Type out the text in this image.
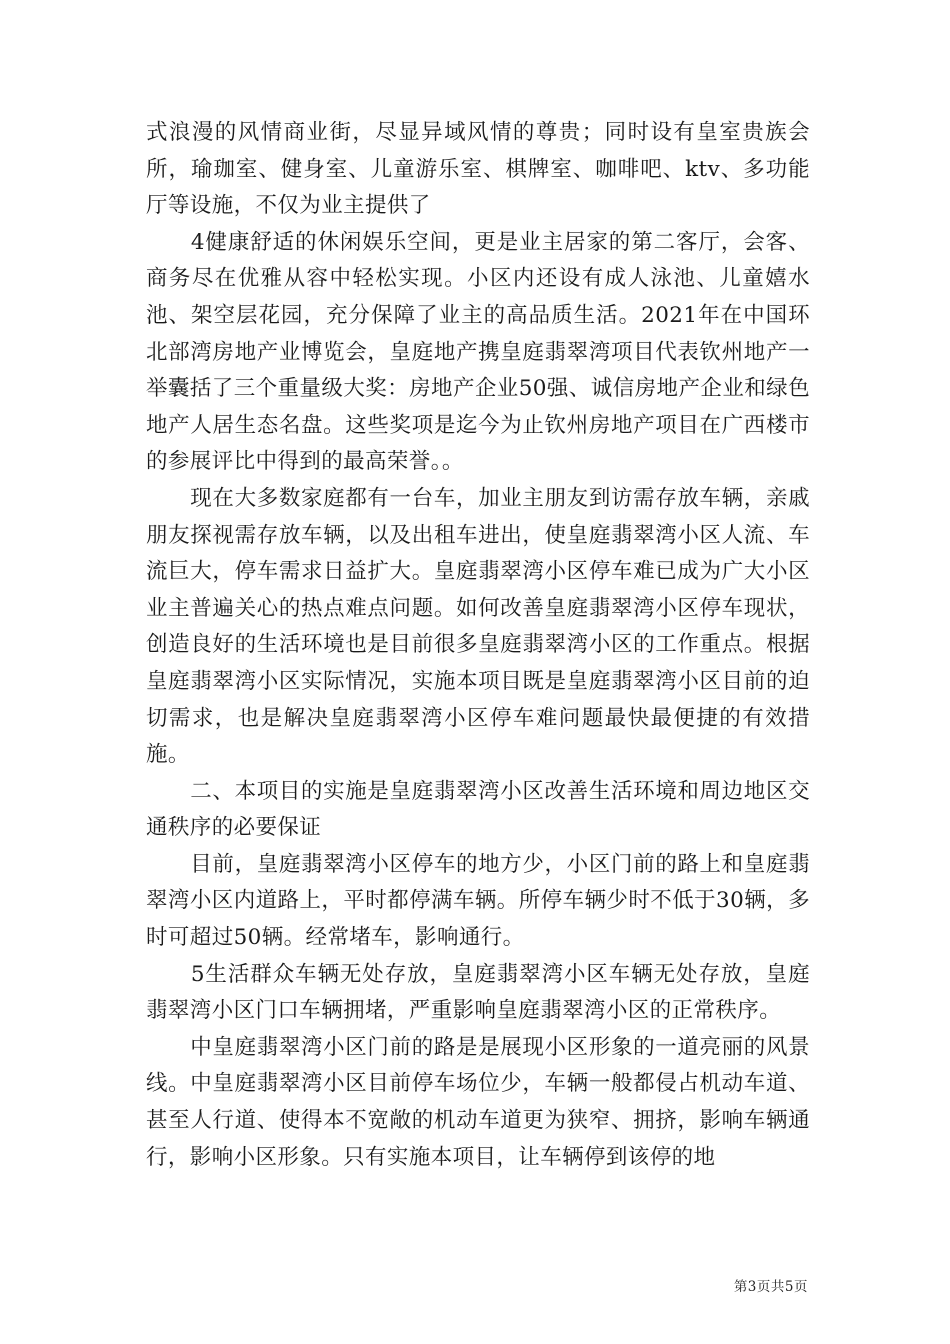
式浪漫的风情商业街，尽显异域风情的尊贵；同时设有皇室贵族会所，瑜珈室、健身室、儿童游乐室、棋牌室、咖啡吧、ktv、多功能厅等设施，不仅为业主提供了

　　4健康舒适的休闲娱乐空间，更是业主居家的第二客厅，会客、商务尽在优雅从容中轻松实现。小区内还设有成人泳池、儿童嬉水池、架空层花园，充分保障了业主的高品质生活。2021年在中国环北部湾房地产业博览会，皇庭地产携皇庭翡翠湾项目代表钦州地产一举囊括了三个重量级大奖：房地产企业50强、诚信房地产企业和绿色地产人居生态名盘。这些奖项是迄今为止钦州房地产项目在广西楼市的参展评比中得到的最高荣誉。。

　　现在大多数家庭都有一台车，加业主朋友到访需存放车辆，亲戚朋友探视需存放车辆，以及出租车进出，使皇庭翡翠湾小区人流、车流巨大，停车需求日益扩大。皇庭翡翠湾小区停车难已成为广大小区业主普遍关心的热点难点问题。如何改善皇庭翡翠湾小区停车现状，创造良好的生活环境也是目前很多皇庭翡翠湾小区的工作重点。根据皇庭翡翠湾小区实际情况，实施本项目既是皇庭翡翠湾小区目前的迫切需求，也是解决皇庭翡翠湾小区停车难问题最快最便捷的有效措施。

　　二、本项目的实施是皇庭翡翠湾小区改善生活环境和周边地区交通秩序的必要保证

　　目前，皇庭翡翠湾小区停车的地方少，小区门前的路上和皇庭翡翠湾小区内道路上，平时都停满车辆。所停车辆少时不低于30辆，多时可超过50辆。经常堵车，影响通行。

　　5生活群众车辆无处存放，皇庭翡翠湾小区车辆无处存放，皇庭翡翠湾小区门口车辆拥堵，严重影响皇庭翡翠湾小区的正常秩序。

　　中皇庭翡翠湾小区门前的路是是展现小区形象的一道亮丽的风景线。中皇庭翡翠湾小区目前停车场位少，车辆一般都侵占机动车道、甚至人行道、使得本不宽敞的机动车道更为狭窄、拥挤，影响车辆通行，影响小区形象。只有实施本项目，让车辆停到该停的地

第3页共5页
